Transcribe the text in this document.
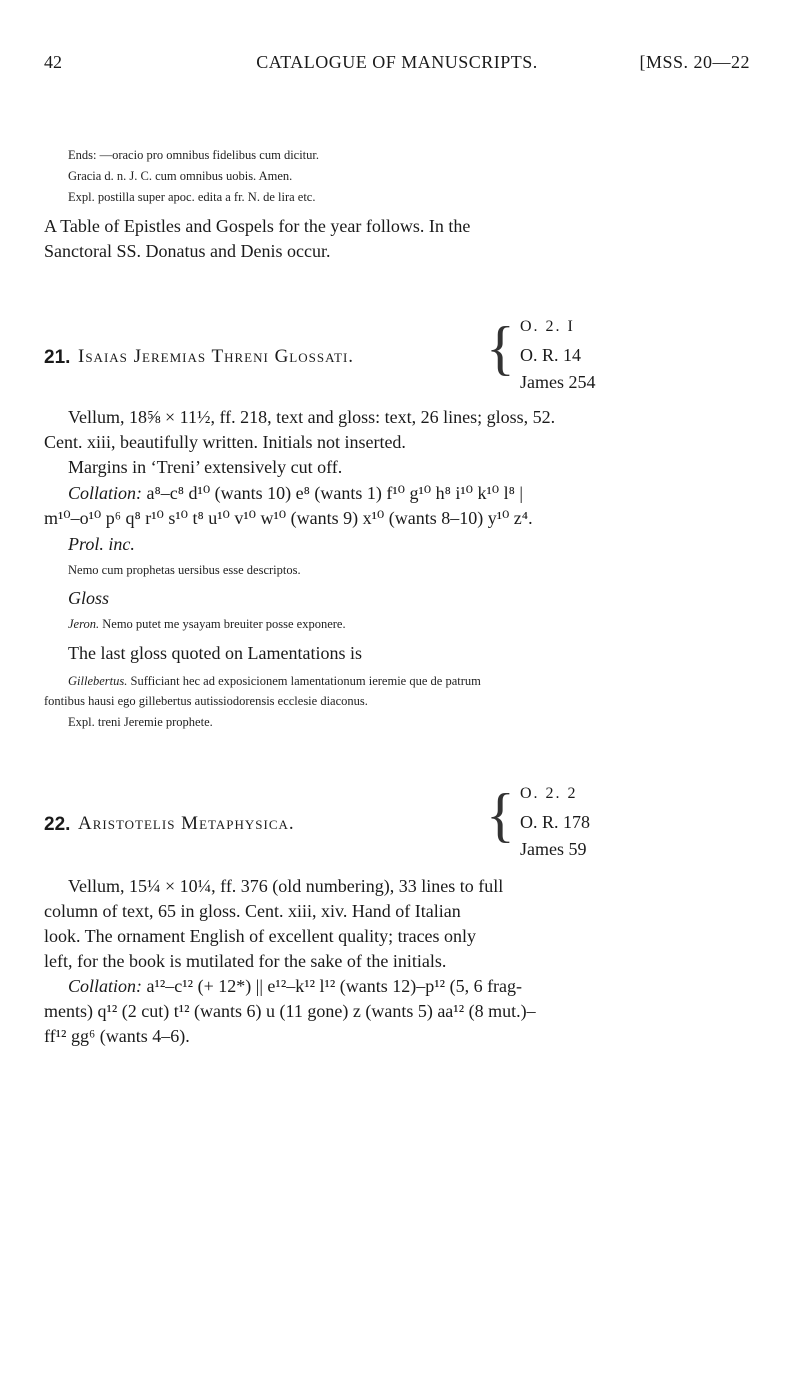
42	CATALOGUE OF MANUSCRIPTS.	[MSS. 20—22
Ends: —oracio pro omnibus fidelibus cum dicitur.
Gracia d. n. J. C. cum omnibus uobis. Amen.
Expl. postilla super apoc. edita a fr. N. de lira etc.
A Table of Epistles and Gospels for the year follows. In the
Sanctoral SS. Donatus and Denis occur.
21. Isaias Jeremias Threni Glossati. { O. 2. I
O. R. 14
James 254
Vellum, 18⅝ × 11½, ff. 218, text and gloss: text, 26 lines; gloss, 52.
Cent. xiii, beautifully written. Initials not inserted.
Margins in ‘Treni’ extensively cut off.
Collation: a⁸–c⁸ d¹⁰ (wants 10) e⁸ (wants 1) f¹⁰ g¹⁰ h⁸ i¹⁰ k¹⁰ l⁸ |
m¹⁰–o¹⁰ p⁶ q⁸ r¹⁰ s¹⁰ t⁸ u¹⁰ v¹⁰ w¹⁰ (wants 9) x¹⁰ (wants 8–10) y¹⁰ z⁴.
Prol. inc.
Nemo cum prophetas uersibus esse descriptos.
Gloss
Jeron. Nemo putet me ysayam breuiter posse exponere.
The last gloss quoted on Lamentations is
Gillebertus. Sufficiant hec ad exposicionem lamentationum ieremie que de patrum
fontibus hausi ego gillebertus autissiodorensis ecclesie diaconus.
Expl. treni Jeremie prophete.
22. Aristotelis Metaphysica.	{ O. 2. 2
O. R. 178
James 59
Vellum, 15¼ × 10¼, ff. 376 (old numbering), 33 lines to full
column of text, 65 in gloss. Cent. xiii, xiv. Hand of Italian
look. The ornament English of excellent quality; traces only
left, for the book is mutilated for the sake of the initials.
Collation: a¹²–c¹² (+ 12*) || e¹²–k¹² l¹² (wants 12)–p¹² (5, 6 frag-
ments) q¹² (2 cut) t¹² (wants 6) u (11 gone) z (wants 5) aa¹² (8 mut.)–
ff¹² gg⁶ (wants 4–6).
